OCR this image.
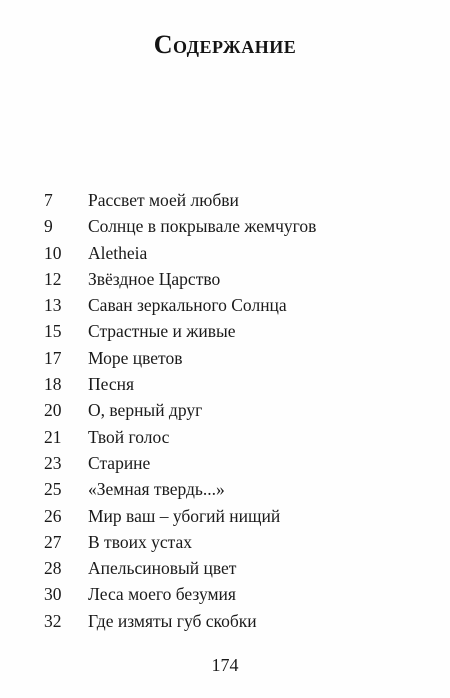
Содержание
7	Рассвет моей любви
9	Солнце в покрывале жемчугов
10	Aletheia
12	Звёздное Царство
13	Саван зеркального Солнца
15	Страстные и живые
17	Море цветов
18	Песня
20	О, верный друг
21	Твой голос
23	Старине
25	«Земная твердь...»
26	Мир ваш – убогий нищий
27	В твоих устах
28	Апельсиновый цвет
30	Леса моего безумия
32	Где измяты губ скобки
174
